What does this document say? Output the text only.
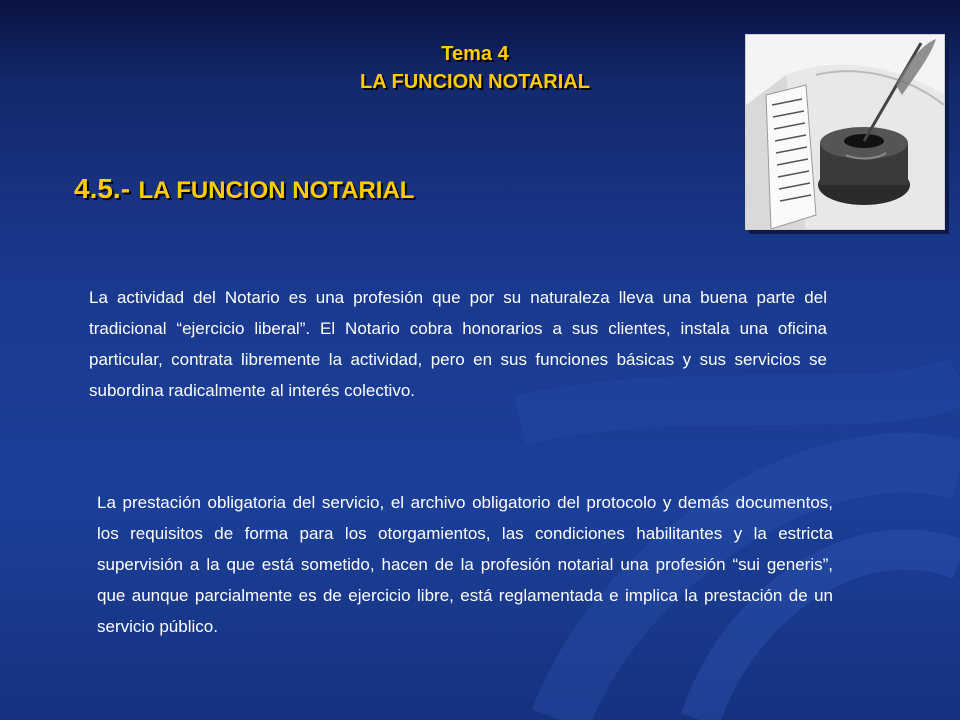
Tema 4
LA FUNCION NOTARIAL
4.5.- LA FUNCION NOTARIAL
La actividad del Notario es una profesión que por su naturaleza lleva una buena parte del tradicional “ejercicio liberal”. El Notario cobra honorarios a sus clientes, instala una oficina particular, contrata libremente la actividad, pero en sus funciones básicas y sus servicios se subordina radicalmente al interés colectivo.
La prestación obligatoria del servicio, el archivo obligatorio del protocolo y demás documentos, los requisitos de forma para los otorgamientos, las condiciones habilitantes y la estricta supervisión a la que está sometido, hacen de la profesión notarial una profesión “sui generis”, que aunque parcialmente es de ejercicio libre, está reglamentada e implica la prestación de un servicio público.
